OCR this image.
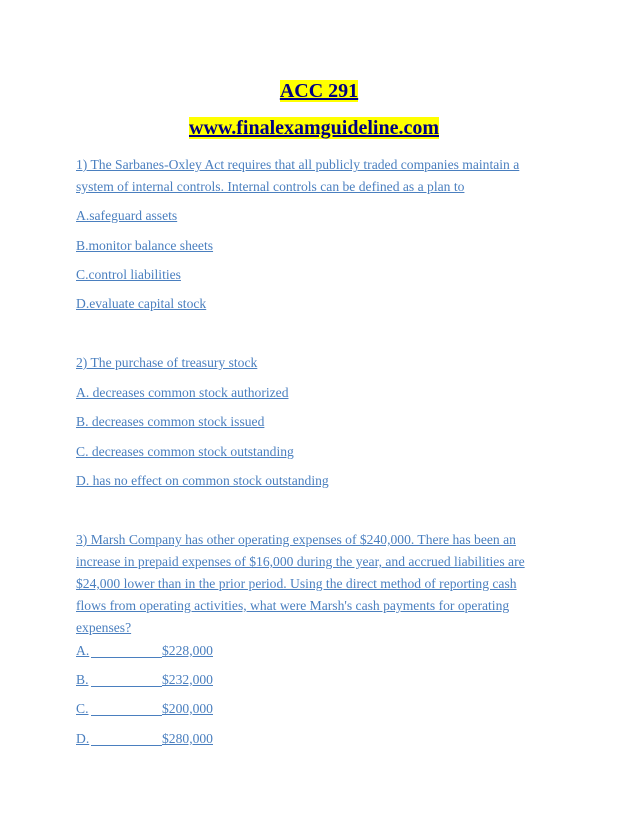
ACC 291
www.finalexamguideline.com
1) The Sarbanes-Oxley Act requires that all publicly traded companies maintain a
system of internal controls. Internal controls can be defined as a plan to
A.safeguard assets
B.monitor balance sheets
C.control liabilities
D.evaluate capital stock
2) The purchase of treasury stock
A. decreases common stock authorized
B. decreases common stock issued
C. decreases common stock outstanding
D. has no effect on common stock outstanding
3) Marsh Company has other operating expenses of $240,000. There has been an
increase in prepaid expenses of $16,000 during the year, and accrued liabilities are
$24,000 lower than in the prior period. Using the direct method of reporting cash
flows from operating activities, what were Marsh's cash payments for operating
expenses?
A.	$228,000
B.	$232,000
C.	$200,000
D.	$280,000
